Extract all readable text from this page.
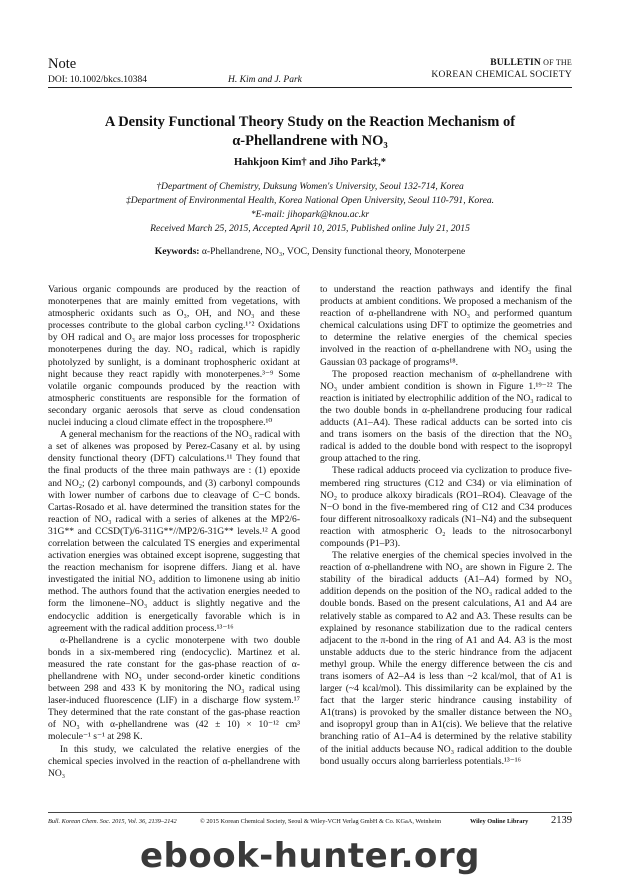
Note
DOI: 10.1002/bkcs.10384	H. Kim and J. Park
BULLETIN OF THE
KOREAN CHEMICAL SOCIETY
A Density Functional Theory Study on the Reaction Mechanism of
α-Phellandrene with NO₃
Hahkjoon Kim† and Jiho Park‡,*
†Department of Chemistry, Duksung Women's University, Seoul 132-714, Korea
‡Department of Environmental Health, Korea National Open University, Seoul 110-791, Korea.
*E-mail: jihopark@knou.ac.kr
Received March 25, 2015, Accepted April 10, 2015, Published online July 21, 2015
Keywords: α-Phellandrene, NO₃, VOC, Density functional theory, Monoterpene

Various organic compounds are produced by the reaction of monoterpenes that are mainly emitted from vegetations, with atmospheric oxidants such as O₃, OH, and NO₃ and these processes contribute to the global carbon cycling.¹ʼ² Oxidations by OH radical and O₃ are major loss processes for tropospheric monoterpenes during the day. NO₃ radical, which is rapidly photolyzed by sunlight, is a dominant trophospheric oxidant at night because they react rapidly with monoterpenes.³⁻⁹ Some volatile organic compounds produced by the reaction with atmospheric constituents are responsible for the formation of secondary organic aerosols that serve as cloud condensation nuclei inducing a cloud climate effect in the troposphere.¹⁰

A general mechanism for the reactions of the NO₃ radical with a set of alkenes was proposed by Perez-Casany et al. by using density functional theory (DFT) calculations.¹¹ They found that the final products of the three main pathways are : (1) epoxide and NO₂; (2) carbonyl compounds, and (3) carbonyl compounds with lower number of carbons due to cleavage of C−C bonds. Cartas-Rosado et al. have determined the transition states for the reaction of NO₃ radical with a series of alkenes at the MP2/6-31G** and CCSD(T)/6-311G**//MP2/6-31G** levels.¹² A good correlation between the calculated TS energies and experimental activation energies was obtained except isoprene, suggesting that the reaction mechanism for isoprene differs. Jiang et al. have investigated the initial NO₃ addition to limonene using ab initio method. The authors found that the activation energies needed to form the limonene–NO₃ adduct is slightly negative and the endocyclic addition is energetically favorable which is in agreement with the radical addition process.¹³⁻¹⁶

α-Phellandrene is a cyclic monoterpene with two double bonds in a six-membered ring (endocyclic). Martinez et al. measured the rate constant for the gas-phase reaction of α-phellandrene with NO₃ under second-order kinetic conditions between 298 and 433 K by monitoring the NO₃ radical using laser-induced fluorescence (LIF) in a discharge flow system.¹⁷ They determined that the rate constant of the gas-phase reaction of NO₃ with α-phellandrene was (42 ± 10) × 10⁻¹² cm³ molecule⁻¹ s⁻¹ at 298 K.

In this study, we calculated the relative energies of the chemical species involved in the reaction of α-phellandrene with NO₃

to understand the reaction pathways and identify the final products at ambient conditions. We proposed a mechanism of the reaction of α-phellandrene with NO₃ and performed quantum chemical calculations using DFT to optimize the geometries and to determine the relative energies of the chemical species involved in the reaction of α-phellandrene with NO₃ using the Gaussian 03 package of programs¹⁸.

The proposed reaction mechanism of α-phellandrene with NO₃ under ambient condition is shown in Figure 1.¹⁹⁻²² The reaction is initiated by electrophilic addition of the NO₃ radical to the two double bonds in α-phellandrene producing four radical adducts (A1–A4). These radical adducts can be sorted into cis and trans isomers on the basis of the direction that the NO₃ radical is added to the double bond with respect to the isopropyl group attached to the ring.

These radical adducts proceed via cyclization to produce five-membered ring structures (C12 and C34) or via elimination of NO₂ to produce alkoxy biradicals (RO1–RO4). Cleavage of the N−O bond in the five-membered ring of C12 and C34 produces four different nitrosoalkoxy radicals (N1–N4) and the subsequent reaction with atmospheric O₂ leads to the nitrosocarbonyl compounds (P1–P3).

The relative energies of the chemical species involved in the reaction of α-phellandrene with NO₃ are shown in Figure 2. The stability of the biradical adducts (A1–A4) formed by NO₃ addition depends on the position of the NO₃ radical added to the double bonds. Based on the present calculations, A1 and A4 are relatively stable as compared to A2 and A3. These results can be explained by resonance stabilization due to the radical centers adjacent to the π-bond in the ring of A1 and A4. A3 is the most unstable adducts due to the steric hindrance from the adjacent methyl group. While the energy difference between the cis and trans isomers of A2–A4 is less than ~2 kcal/mol, that of A1 is larger (~4 kcal/mol). This dissimilarity can be explained by the fact that the larger steric hindrance causing instability of A1(trans) is provoked by the smaller distance between the NO₃ and isopropyl group than in A1(cis). We believe that the relative branching ratio of A1–A4 is determined by the relative stability of the initial adducts because NO₃ radical addition to the double bond usually occurs along barrierless potentials.¹³⁻¹⁶

Bull. Korean Chem. Soc. 2015, Vol. 36, 2139–2142	© 2015 Korean Chemical Society, Seoul & Wiley-VCH Verlag GmbH & Co. KGaA, Weinheim	Wiley Online Library 2139
ebook-hunter.org
